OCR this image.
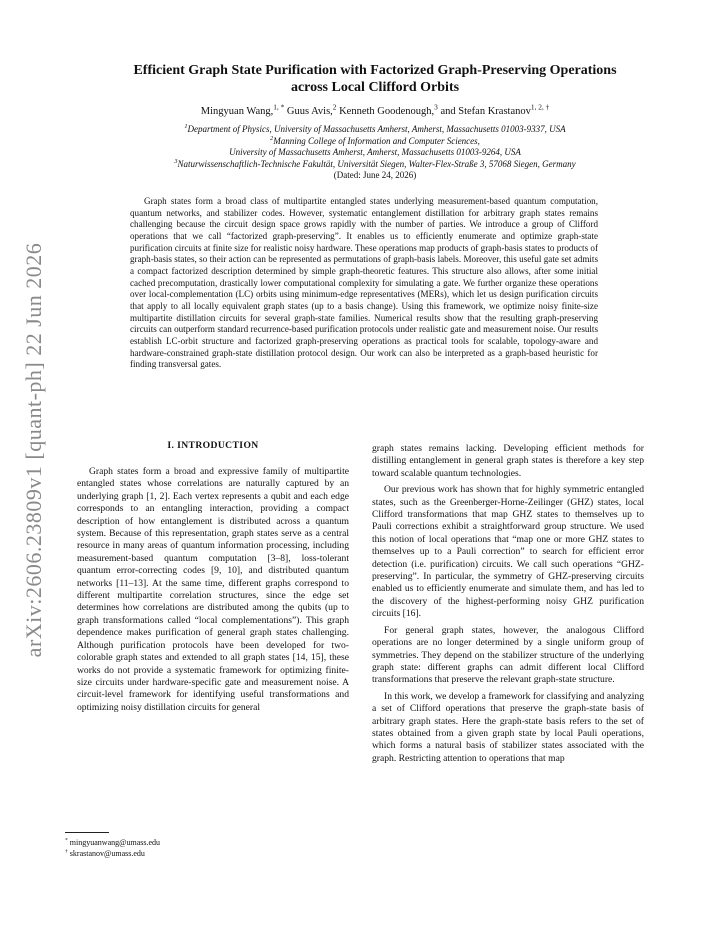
arXiv:2606.23809v1 [quant-ph] 22 Jun 2026
Efficient Graph State Purification with Factorized Graph-Preserving Operations
across Local Clifford Orbits
Mingyuan Wang,$^{1, *}$ Guus Avis,$^2$ Kenneth Goodenough,$^3$ and Stefan Krastanov$^{1, 2, \dagger}$
$^1$Department of Physics, University of Massachusetts Amherst, Amherst, Massachusetts 01003-9337, USA
$^2$Manning College of Information and Computer Sciences,
University of Massachusetts Amherst, Amherst, Massachusetts 01003-9264, USA
$^3$Naturwissenschaftlich-Technische Fakultät, Universität Siegen, Walter-Flex-Straße 3, 57068 Siegen, Germany
(Dated: June 24, 2026)
Graph states form a broad class of multipartite entangled states underlying measurement-based quantum computation, quantum networks, and stabilizer codes. However, systematic entanglement distillation for arbitrary graph states remains challenging because the circuit design space grows rapidly with the number of parties. We introduce a group of Clifford operations that we call “factorized graph-preserving”. It enables us to efficiently enumerate and optimize graph-state purification circuits at finite size for realistic noisy hardware. These operations map products of graph-basis states to products of graph-basis states, so their action can be represented as permutations of graph-basis labels. Moreover, this useful gate set admits a compact factorized description determined by simple graph-theoretic features. This structure also allows, after some initial cached precomputation, drastically lower computational complexity for simulating a gate. We further organize these operations over local-complementation (LC) orbits using minimum-edge representatives (MERs), which let us design purification circuits that apply to all locally equivalent graph states (up to a basis change). Using this framework, we optimize noisy finite-size multipartite distillation circuits for several graph-state families. Numerical results show that the resulting graph-preserving circuits can outperform standard recurrence-based purification protocols under realistic gate and measurement noise. Our results establish LC-orbit structure and factorized graph-preserving operations as practical tools for scalable, topology-aware and hardware-constrained graph-state distillation protocol design. Our work can also be interpreted as a graph-based heuristic for finding transversal gates.
I. INTRODUCTION

Graph states form a broad and expressive family of multipartite entangled states whose correlations are naturally captured by an underlying graph [1, 2]. Each vertex represents a qubit and each edge corresponds to an entangling interaction, providing a compact description of how entanglement is distributed across a quantum system. Because of this representation, graph states serve as a central resource in many areas of quantum information processing, including measurement-based quantum computation [3–8], loss-tolerant quantum error-correcting codes [9, 10], and distributed quantum networks [11–13]. At the same time, different graphs correspond to different multipartite correlation structures, since the edge set determines how correlations are distributed among the qubits (up to graph transformations called “local complementations”). This graph dependence makes purification of general graph states challenging. Although purification protocols have been developed for two-colorable graph states and extended to all graph states [14, 15], these works do not provide a systematic framework for optimizing finite-size circuits under hardware-specific gate and measurement noise. A circuit-level framework for identifying useful transformations and optimizing noisy distillation circuits for general

graph states remains lacking. Developing efficient methods for distilling entanglement in general graph states is therefore a key step toward scalable quantum technologies.

Our previous work has shown that for highly symmetric entangled states, such as the Greenberger-Horne-Zeilinger (GHZ) states, local Clifford transformations that map GHZ states to themselves up to Pauli corrections exhibit a straightforward group structure. We used this notion of local operations that “map one or more GHZ states to themselves up to a Pauli correction” to search for efficient error detection (i.e. purification) circuits. We call such operations “GHZ-preserving”. In particular, the symmetry of GHZ-preserving circuits enabled us to efficiently enumerate and simulate them, and has led to the discovery of the highest-performing noisy GHZ purification circuits [16].

For general graph states, however, the analogous Clifford operations are no longer determined by a single uniform group of symmetries. They depend on the stabilizer structure of the underlying graph state: different graphs can admit different local Clifford transformations that preserve the relevant graph-state structure.

In this work, we develop a framework for classifying and analyzing a set of Clifford operations that preserve the graph-state basis of arbitrary graph states. Here the graph-state basis refers to the set of states obtained from a given graph state by local Pauli operations, which forms a natural basis of stabilizer states associated with the graph. Restricting attention to operations that map

* mingyuanwang@umass.edu
† skrastanov@umass.edu
